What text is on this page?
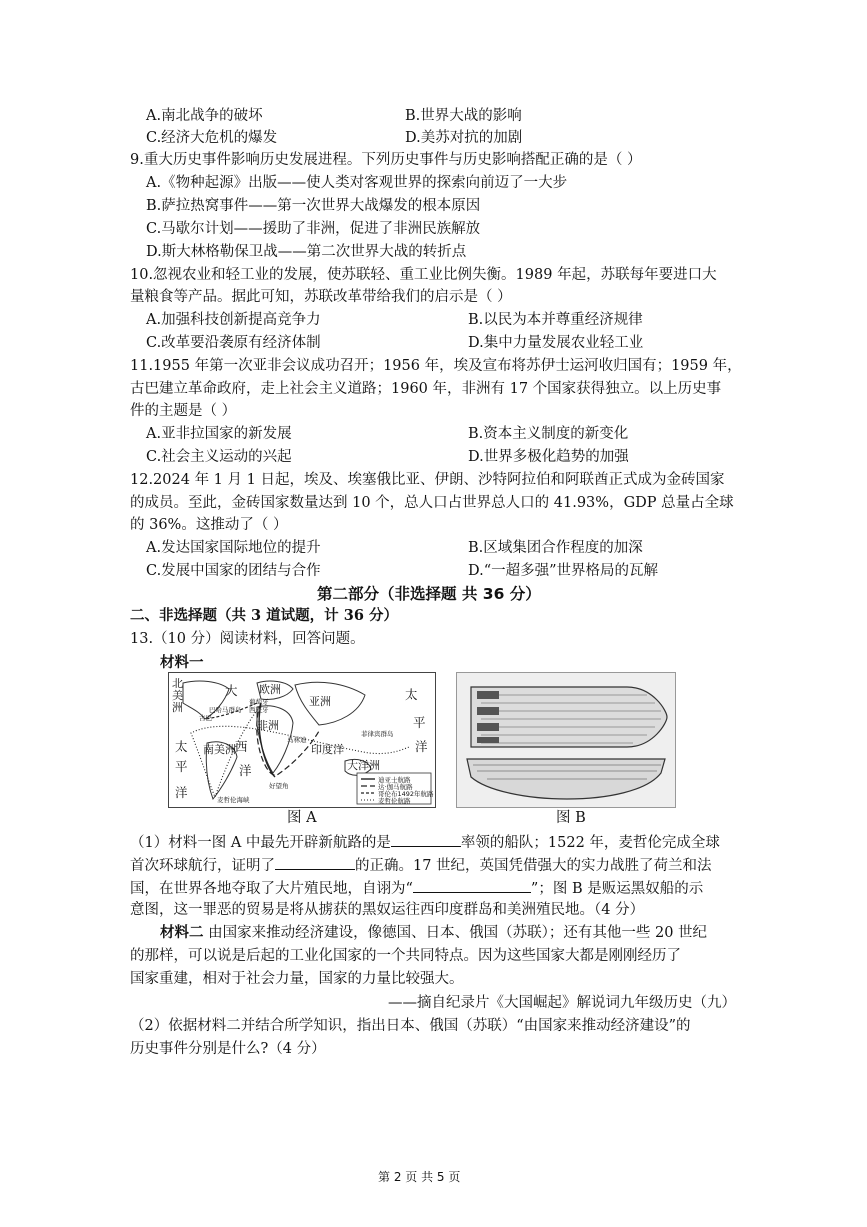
A.南北战争的破坏	B.世界大战的影响
C.经济大危机的爆发	D.美苏对抗的加剧
9.重大历史事件影响历史发展进程。下列历史事件与历史影响搭配正确的是（ ）
A.《物种起源》出版——使人类对客观世界的探索向前迈了一大步
B.萨拉热窝事件——第一次世界大战爆发的根本原因
C.马歇尔计划——援助了非洲，促进了非洲民族解放
D.斯大林格勒保卫战——第二次世界大战的转折点
10.忽视农业和轻工业的发展，使苏联轻、重工业比例失衡。1989 年起，苏联每年要进口大
量粮食等产品。据此可知，苏联改革带给我们的启示是（ ）
A.加强科技创新提高竞争力	B.以民为本并尊重经济规律
C.改革要沿袭原有经济体制	D.集中力量发展农业轻工业
11.1955 年第一次亚非会议成功召开；1956 年，埃及宣布将苏伊士运河收归国有；1959 年，
古巴建立革命政府，走上社会主义道路；1960 年，非洲有 17 个国家获得独立。以上历史事
件的主题是（ ）
A.亚非拉国家的新发展	B.资本主义制度的新变化
C.社会主义运动的兴起	D.世界多极化趋势的加强
12.2024 年 1 月 1 日起，埃及、埃塞俄比亚、伊朗、沙特阿拉伯和阿联酋正式成为金砖国家
的成员。至此，金砖国家数量达到 10 个，总人口占世界总人口的 41.93%，GDP 总量占全球
的 36%。这推动了（ ）
A.发达国家国际地位的提升	B.区域集团合作程度的加深
C.发展中国家的团结与合作	D.“一超多强”世界格局的瓦解
第二部分（非选择题 共 36 分）
二、非选择题（共 3 道试题，计 36 分）
13.（10 分）阅读材料，回答问题。
材料一
北
美
洲
大
西
洋
欧洲
亚洲
非洲
太
平
洋
太
平
洋
南美洲	印度洋
大洋洲
葡萄牙
西班牙
好望角
麦哲伦海峡
菲律宾群岛
马林迪
古巴
巴哈马群岛
迪亚士航路
达·伽马航路
哥伦布1492年航路
麦哲伦航路
图 A	图 B
（1）材料一图 A 中最先开辟新航路的是	率领的船队；1522 年，麦哲伦完成全球
首次环球航行，证明了	的正确。17 世纪，英国凭借强大的实力战胜了荷兰和法
国，在世界各地夺取了大片殖民地，自诩为“	”；图 B 是贩运黑奴船的示
意图，这一罪恶的贸易是将从掳获的黑奴运往西印度群岛和美洲殖民地。（4 分）
材料二 由国家来推动经济建设，像德国、日本、俄国（苏联）；还有其他一些 20 世纪
的那样，可以说是后起的工业化国家的一个共同特点。因为这些国家大都是刚刚经历了
国家重建，相对于社会力量，国家的力量比较强大。
——摘自纪录片《大国崛起》解说词九年级历史（九）
（2）依据材料二并结合所学知识，指出日本、俄国（苏联）“由国家来推动经济建设”的
历史事件分别是什么?（4 分）
第 2 页 共 5 页
